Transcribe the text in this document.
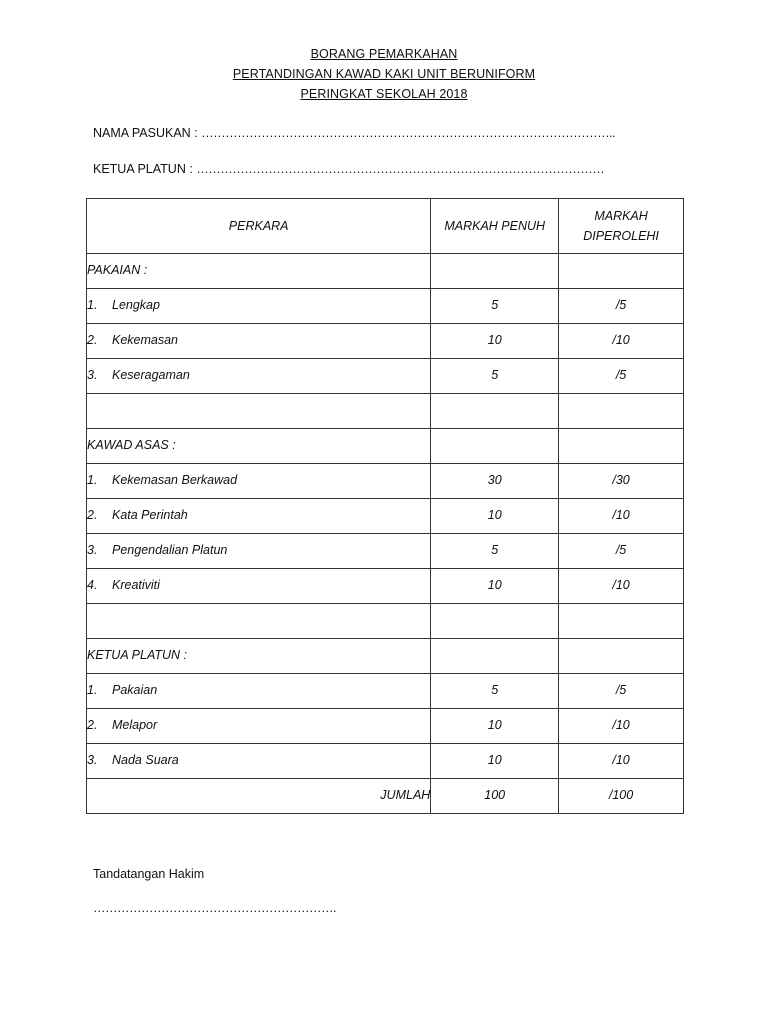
BORANG PEMARKAHAN
PERTANDINGAN KAWAD KAKI UNIT BERUNIFORM
PERINGKAT SEKOLAH 2018
NAMA PASUKAN : …………………………………………………………………………………………..
KETUA PLATUN : …………………………………………………………………………………………
PERKARA	MARKAH PENUH	MARKAH
DIPEROLEHI
PAKAIAN :		
1. Lengkap	5	/5
2. Kekemasan	10	/10
3. Keseragaman	5	/5

KAWAD ASAS :		
1. Kekemasan Berkawad	30	/30
2. Kata Perintah	10	/10
3. Pengendalian Platun	5	/5
4. Kreativiti	10	/10

KETUA PLATUN :		
1. Pakaian	5	/5
2. Melapor	10	/10
3. Nada Suara	10	/10
JUMLAH	100	/100
Tandatangan Hakim
…………………………………………………….
